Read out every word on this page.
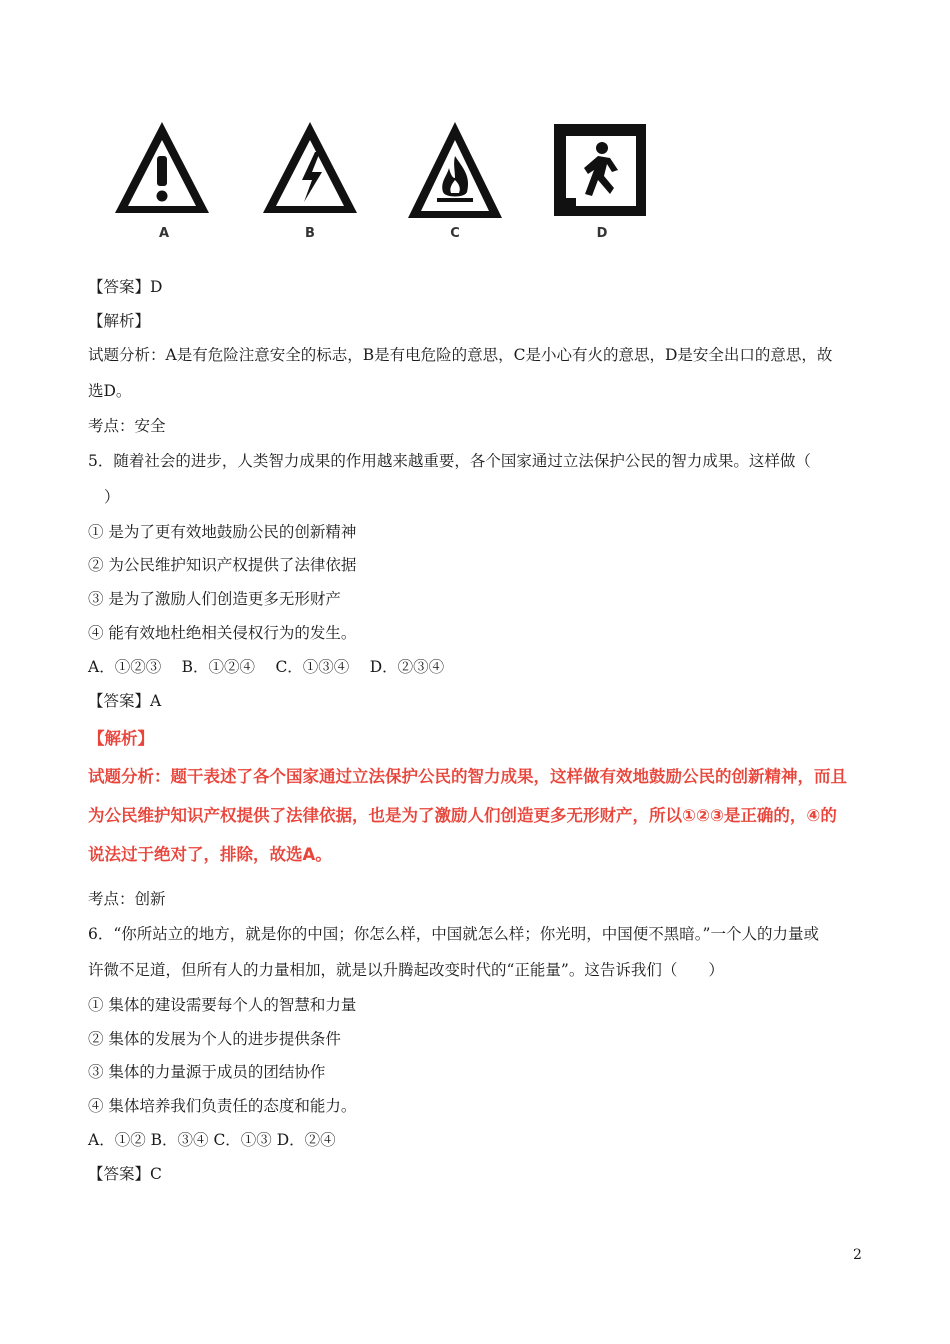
A	B	C	D
【答案】D
【解析】
试题分析：A是有危险注意安全的标志，B是有电危险的意思，C是小心有火的意思，D是安全出口的意思，故
选D。
考点：安全
5．随着社会的进步，人类智力成果的作用越来越重要，各个国家通过立法保护公民的智力成果。这样做（
）
① 是为了更有效地鼓励公民的创新精神
② 为公民维护知识产权提供了法律依据
③ 是为了激励人们创造更多无形财产
④ 能有效地杜绝相关侵权行为的发生。
A．①②③　 B．①②④　 C．①③④　 D．②③④
【答案】A
【解析】
试题分析：题干表述了各个国家通过立法保护公民的智力成果，这样做有效地鼓励公民的创新精神，而且
为公民维护知识产权提供了法律依据，也是为了激励人们创造更多无形财产，所以①②③是正确的，④的
说法过于绝对了，排除，故选A。
考点：创新
6．“你所站立的地方，就是你的中国；你怎么样，中国就怎么样；你光明，中国便不黑暗。”一个人的力量或
许微不足道，但所有人的力量相加，就是以升腾起改变时代的“正能量”。这告诉我们（　　）
① 集体的建设需要每个人的智慧和力量
② 集体的发展为个人的进步提供条件
③ 集体的力量源于成员的团结协作
④ 集体培养我们负责任的态度和能力。
A．①② B．③④ C．①③ D．②④
【答案】C
2
